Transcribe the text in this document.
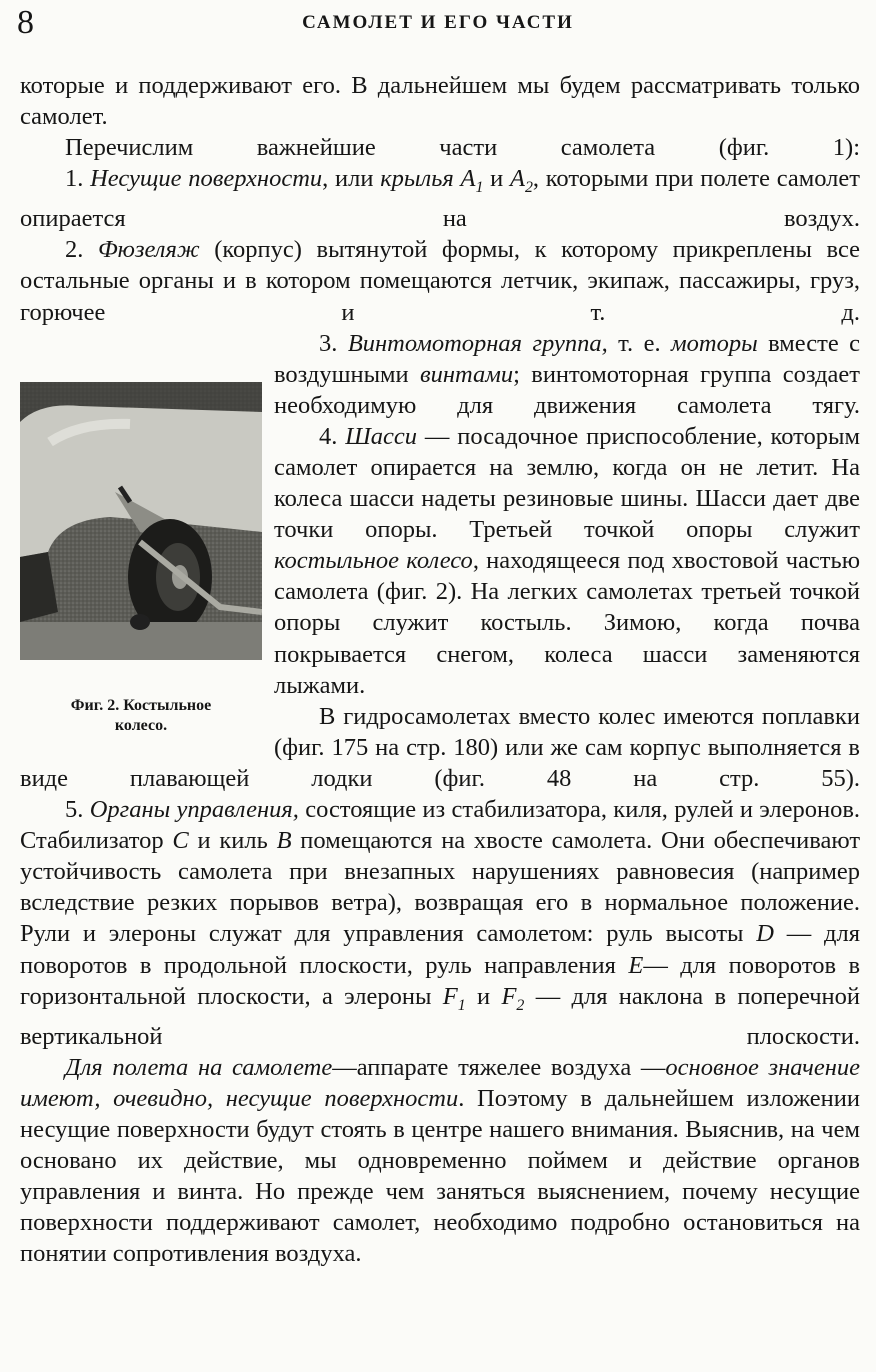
8	САМОЛЕТ И ЕГО ЧАСТИ

которые и поддерживают его. В дальнейшем мы будем рассматривать только самолет.

Перечислим важнейшие части самолета (фиг. 1):

1. Несущие поверхности, или крылья $A_1$ и $A_2$, которыми при полете самолет опирается на воздух.

2. Фюзеляж (корпус) вытянутой формы, к которому прикреплены все остальные органы и в котором помещаются летчик, экипаж, пассажиры, груз, горючее и т. д.

Фиг. 2. Костыльное
колесо.

3. Винтомоторная группа, т. е. моторы вместе с воздушными винтами; винтомоторная группа создает необходимую для движения самолета тягу.

4. Шасси — посадочное приспособление, которым самолет опирается на землю, когда он не летит. На колеса шасси надеты резиновые шины. Шасси дает две точки опоры. Третьей точкой опоры служит костыльное колесо, находящееся под хвостовой частью самолета (фиг. 2). На легких самолетах третьей точкой опоры служит костыль. Зимою, когда почва покрывается снегом, колеса шасси заменяются лыжами.

В гидросамолетах вместо колес имеются поплавки (фиг. 175 на стр. 180) или же сам корпус выполняется в виде плавающей лодки (фиг. 48 на стр. 55).

5. Органы управления, состоящие из стабилизатора, киля, рулей и элеронов. Стабилизатор C и киль B помещаются на хвосте самолета. Они обеспечивают устойчивость самолета при внезапных нарушениях равновесия (например вследствие резких порывов ветра), возвращая его в нормальное положение. Рули и элероны служат для управления самолетом: руль высоты D — для поворотов в продольной плоскости, руль направления E— для поворотов в горизонтальной плоскости, а элероны $F_1$ и $F_2$ — для наклона в поперечной вертикальной плоскости.

Для полета на самолете—аппарате тяжелее воздуха —основное значение имеют, очевидно, несущие поверхности. Поэтому в дальнейшем изложении несущие поверхности будут стоять в центре нашего внимания. Выяснив, на чем основано их действие, мы одновременно поймем и действие органов управления и винта. Но прежде чем заняться выяснением, почему несущие поверхности поддерживают самолет, необходимо подробно остановиться на понятии сопротивления воздуха.
